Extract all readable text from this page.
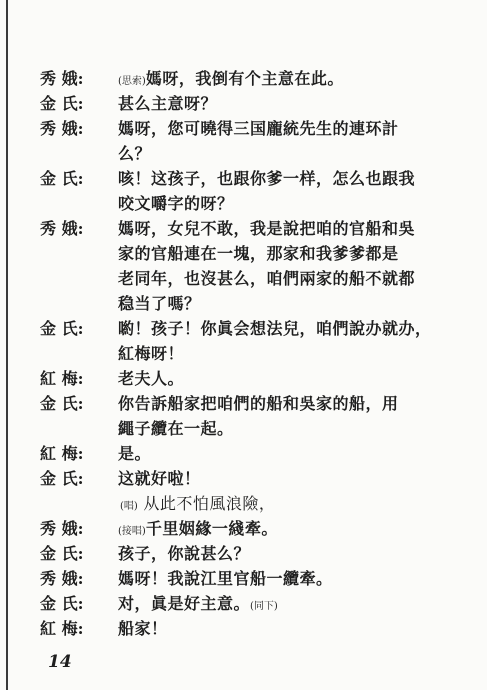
秀 娥:	(思索)媽呀，我倒有个主意在此。
金 氏:	甚么主意呀？
秀 娥:	媽呀，您可曉得三国龐統先生的連环計
么？
金 氏:	咳！这孩子，也跟你爹一样，怎么也跟我
咬文嚼字的呀？
秀 娥:	媽呀，女兒不敢，我是說把咱的官船和吳
家的官船連在一塊，那家和我爹爹都是
老同年，也沒甚么，咱們兩家的船不就都
稳当了嗎？
金 氏:	喲！孩子！你眞会想法兒，咱們說办就办，
紅梅呀！
紅 梅:	老夫人。
金 氏:	你告訴船家把咱們的船和吳家的船，用
繩子纜在一起。
紅 梅:	是。
金 氏:	这就好啦！
(唱) 从此不怕風浪險，
秀 娥:	(接唱)千里姻緣一綫牽。
金 氏:	孩子，你說甚么？
秀 娥:	媽呀！我說江里官船一纜牽。
金 氏:	对，眞是好主意。(同下)
紅 梅:	船家！
14
